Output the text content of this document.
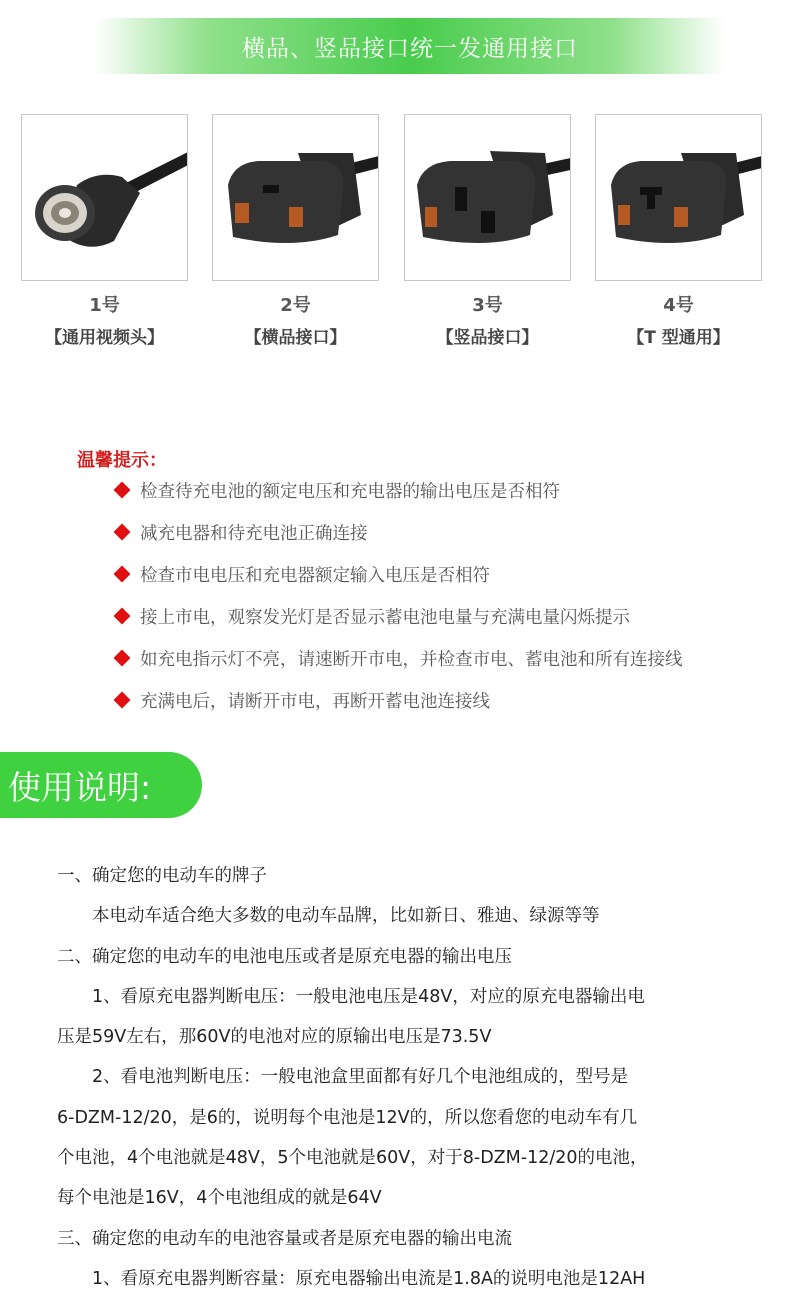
横品、竖品接口统一发通用接口
1号
【通用视频头】
2号
【横品接口】
3号
【竖品接口】
4号
【T 型通用】
温馨提示：
检查待充电池的额定电压和充电器的输出电压是否相符
减充电器和待充电池正确连接
检查市电电压和充电器额定输入电压是否相符
接上市电，观察发光灯是否显示蓄电池电量与充满电量闪烁提示
如充电指示灯不亮，请速断开市电，并检查市电、蓄电池和所有连接线
充满电后，请断开市电，再断开蓄电池连接线
使用说明:
一、确定您的电动车的牌子
　　本电动车适合绝大多数的电动车品牌，比如新日、雅迪、绿源等等
二、确定您的电动车的电池电压或者是原充电器的输出电压
　　1、看原充电器判断电压：一般电池电压是48V，对应的原充电器输出电
压是59V左右，那60V的电池对应的原输出电压是73.5V
　　2、看电池判断电压：一般电池盒里面都有好几个电池组成的，型号是
6-DZM-12/20，是6的，说明每个电池是12V的，所以您看您的电动车有几
个电池，4个电池就是48V，5个电池就是60V，对于8-DZM-12/20的电池，
每个电池是16V，4个电池组成的就是64V
三、确定您的电动车的电池容量或者是原充电器的输出电流
　　1、看原充电器判断容量：原充电器输出电流是1.8A的说明电池是12AH
